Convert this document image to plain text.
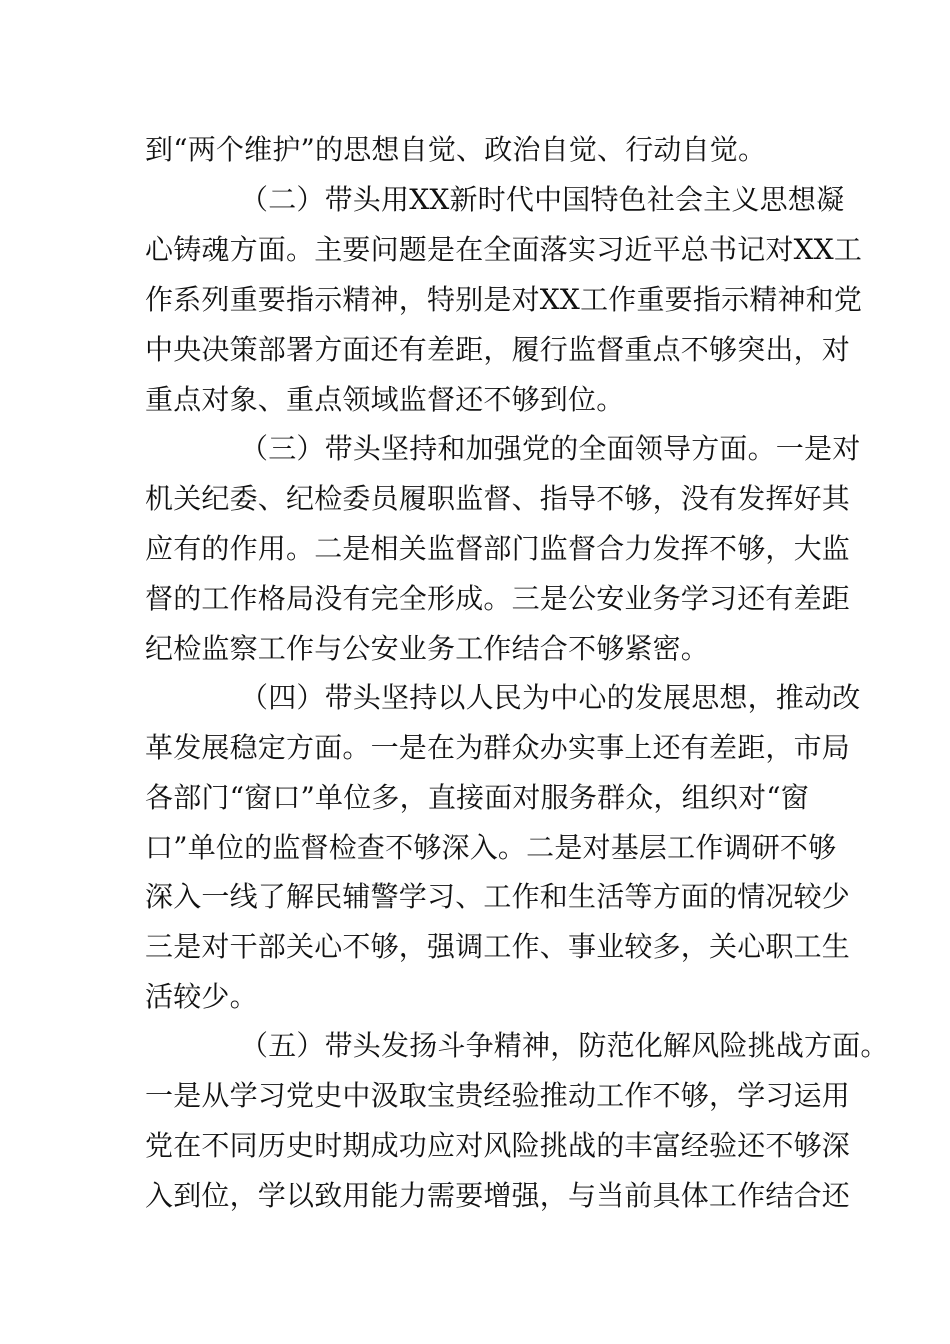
到“两个维护”的思想自觉、政治自觉、行动自觉。
（二）带头用XX新时代中国特色社会主义思想凝
心铸魂方面。主要问题是在全面落实习近平总书记对XX工
作系列重要指示精神，特别是对XX工作重要指示精神和党
中央决策部署方面还有差距，履行监督重点不够突出，对
重点对象、重点领域监督还不够到位。
（三）带头坚持和加强党的全面领导方面。一是对
机关纪委、纪检委员履职监督、指导不够，没有发挥好其
应有的作用。二是相关监督部门监督合力发挥不够，大监
督的工作格局没有完全形成。三是公安业务学习还有差距
纪检监察工作与公安业务工作结合不够紧密。
（四）带头坚持以人民为中心的发展思想，推动改
革发展稳定方面。一是在为群众办实事上还有差距，市局
各部门“窗口”单位多，直接面对服务群众，组织对“窗
口”单位的监督检查不够深入。二是对基层工作调研不够
深入一线了解民辅警学习、工作和生活等方面的情况较少
三是对干部关心不够，强调工作、事业较多，关心职工生
活较少。
（五）带头发扬斗争精神，防范化解风险挑战方面。
一是从学习党史中汲取宝贵经验推动工作不够，学习运用
党在不同历史时期成功应对风险挑战的丰富经验还不够深
入到位，学以致用能力需要增强，与当前具体工作结合还
